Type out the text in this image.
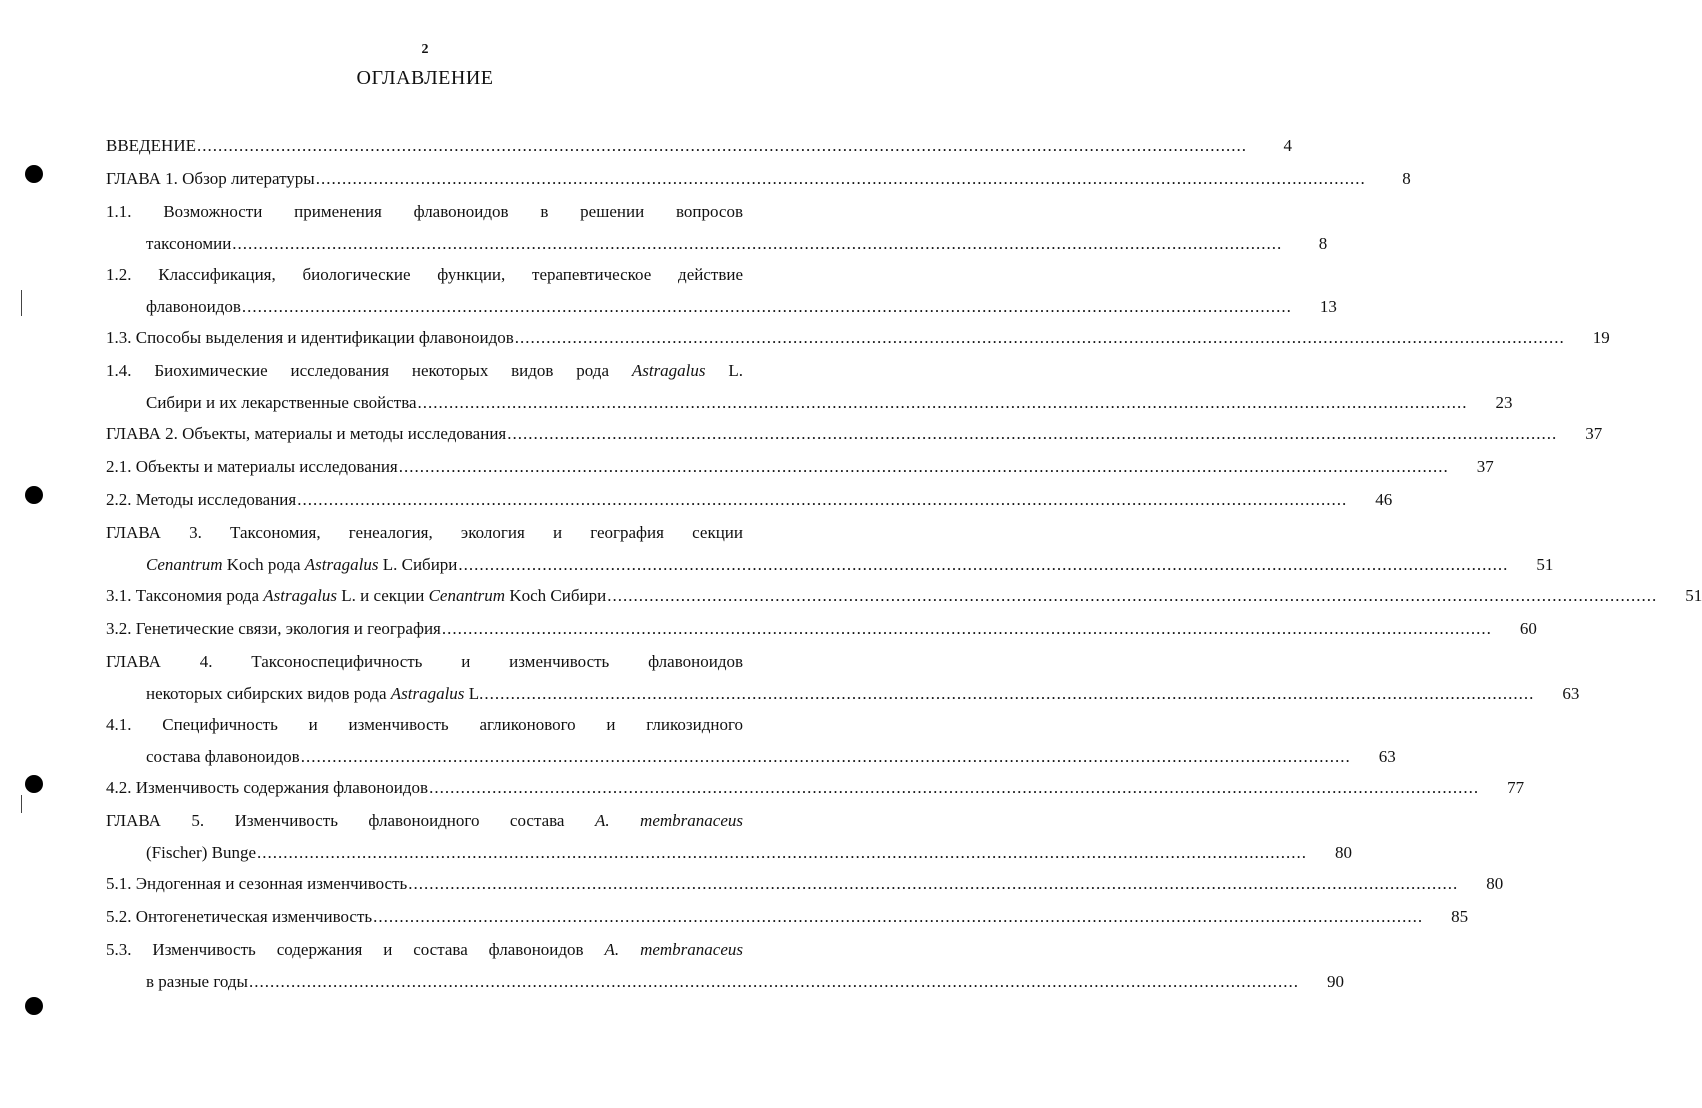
2
ОГЛАВЛЕНИЕ
ВВЕДЕНИЕ ........................................................................................................................................................................................................	4
ГЛАВА 1. Обзор литературы ........................................................................................................................................................................................................	8
1.1. Возможности применения флавоноидов в решении вопросов
таксономии ........................................................................................................................................................................................................	8
1.2. Классификация, биологические функции, терапевтическое действие
флавоноидов ........................................................................................................................................................................................................	13
1.3. Способы выделения и идентификации флавоноидов ........................................................................................................................................................................................................	19
1.4. Биохимические исследования некоторых видов рода Astragalus L.
Сибири и их лекарственные свойства ........................................................................................................................................................................................................	23
ГЛАВА 2. Объекты, материалы и методы исследования ........................................................................................................................................................................................................	37
2.1. Объекты и материалы исследования ........................................................................................................................................................................................................	37
2.2. Методы исследования ........................................................................................................................................................................................................	46
ГЛАВА 3. Таксономия, генеалогия, экология и география секции
Cenantrum Koch рода Astragalus L. Сибири ........................................................................................................................................................................................................	51
3.1. Таксономия рода Astragalus L. и секции Cenantrum Koch Сибири ........................................................................................................................................................................................................	51
3.2. Генетические связи, экология и география ........................................................................................................................................................................................................	60
ГЛАВА 4. Таксоноспецифичность и изменчивость флавоноидов
некоторых сибирских видов рода Astragalus L. ........................................................................................................................................................................................................	63
4.1. Специфичность и изменчивость агликонового и гликозидного
состава флавоноидов ........................................................................................................................................................................................................	63
4.2. Изменчивость содержания флавоноидов ........................................................................................................................................................................................................	77
ГЛАВА 5. Изменчивость флавоноидного состава A. membranaceus
(Fischer) Bunge ........................................................................................................................................................................................................	80
5.1. Эндогенная и сезонная изменчивость ........................................................................................................................................................................................................	80
5.2. Онтогенетическая изменчивость ........................................................................................................................................................................................................	85
5.3. Изменчивость содержания и состава флавоноидов A. membranaceus
в разные годы ........................................................................................................................................................................................................	90
